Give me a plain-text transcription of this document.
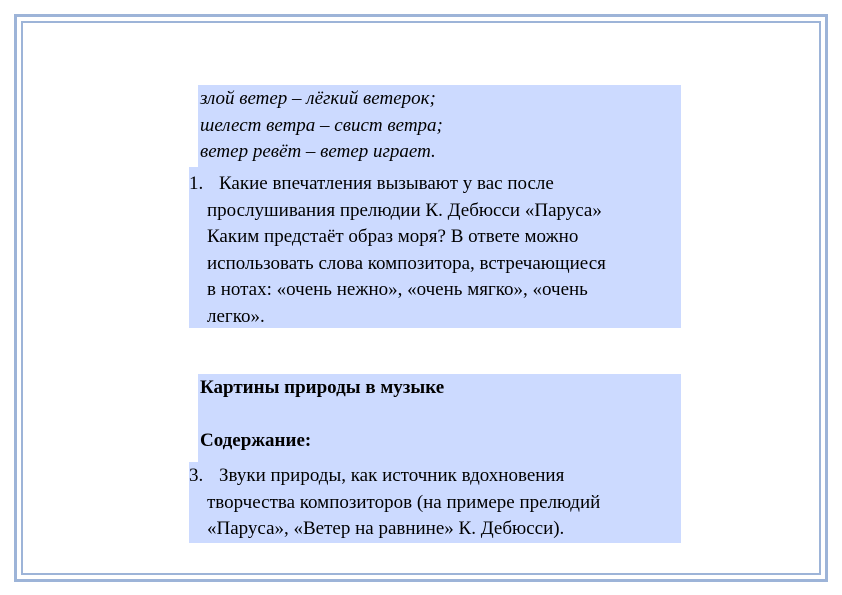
злой ветер – лёгкий ветерок;
шелест ветра – свист ветра;
ветер ревёт – ветер играет.
1. Какие впечатления вызывают у вас после
прослушивания прелюдии К. Дебюсси «Паруса»
Каким предстаёт образ моря? В ответе можно
использовать слова композитора, встречающиеся
в нотах: «очень нежно», «очень мягко», «очень
легко».
Картины природы в музыке
Содержание:
3. Звуки природы, как источник вдохновения
творчества композиторов (на примере прелюдий
«Паруса», «Ветер на равнине» К. Дебюсси).
